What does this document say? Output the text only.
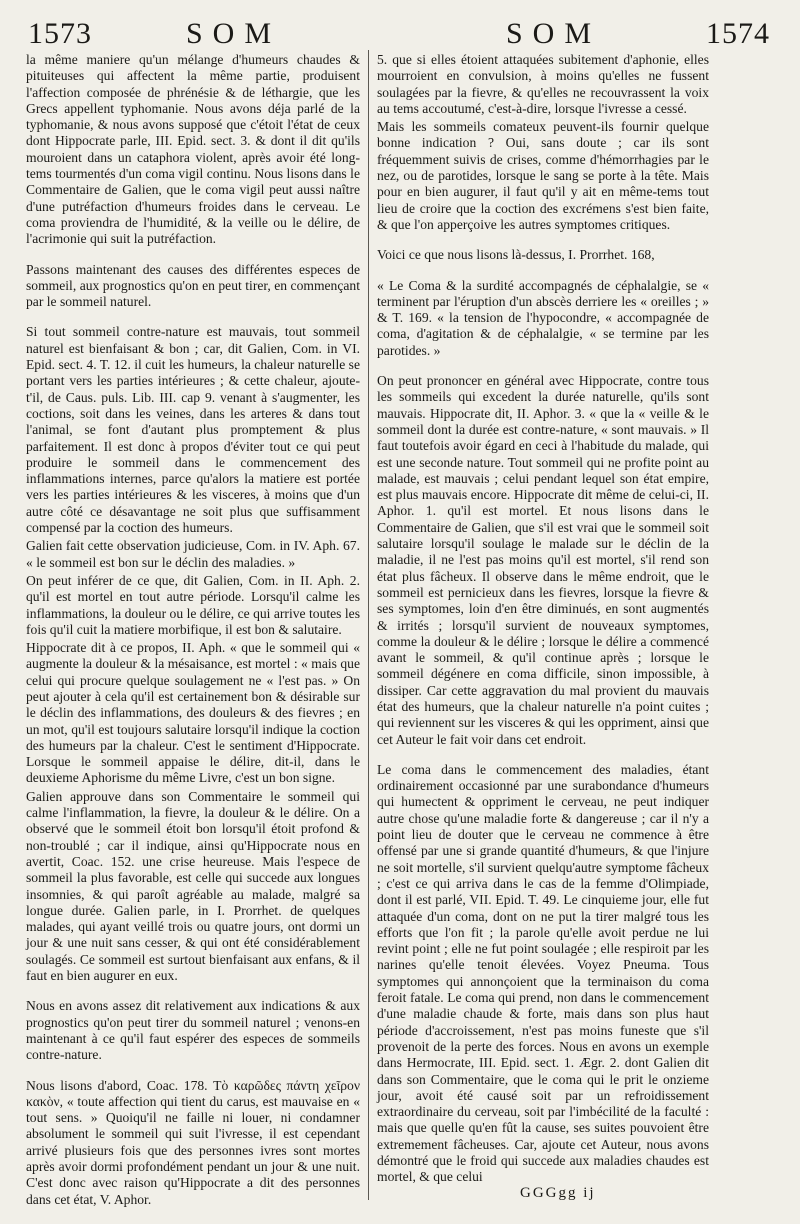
1573	SOM	SOM	1574

la même maniere qu'un mélange d'humeurs chaudes & pituiteuses qui affectent la même partie, produisent l'affection composée de phrénésie & de léthargie, que les Grecs appellent typhomanie. Nous avons déja parlé de la typhomanie, & nous avons supposé que c'étoit l'état de ceux dont Hippocrate parle, III. Epid. sect. 3. & dont il dit qu'ils mouroient dans un cataphora violent, après avoir été long-tems tourmentés d'un coma vigil continu. Nous lisons dans le Commentaire de Galien, que le coma vigil peut aussi naître d'une putréfaction d'humeurs froides dans le cerveau. Le coma proviendra de l'humidité, & la veille ou le délire, de l'acrimonie qui suit la putréfaction.

Passons maintenant des causes des différentes especes de sommeil, aux prognostics qu'on en peut tirer, en commençant par le sommeil naturel.

Si tout sommeil contre-nature est mauvais, tout sommeil naturel est bienfaisant & bon ; car, dit Galien, Com. in VI. Epid. sect. 4. T. 12. il cuit les humeurs, la chaleur naturelle se portant vers les parties intérieures ; & cette chaleur, ajoute-t'il, de Caus. puls. Lib. III. cap 9. venant à s'augmenter, les coctions, soit dans les veines, dans les arteres & dans tout l'animal, se font d'autant plus promptement & plus parfaitement. Il est donc à propos d'éviter tout ce qui peut produire le sommeil dans le commencement des inflammations internes, parce qu'alors la matiere est portée vers les parties intérieures & les visceres, à moins que d'un autre côté ce désavantage ne soit plus que suffisamment compensé par la coction des humeurs.

Galien fait cette observation judicieuse, Com. in IV. Aph. 67. « le sommeil est bon sur le déclin des maladies. »

On peut inférer de ce que, dit Galien, Com. in II. Aph. 2. qu'il est mortel en tout autre période. Lorsqu'il calme les inflammations, la douleur ou le délire, ce qui arrive toutes les fois qu'il cuit la matiere morbifique, il est bon & salutaire.

Hippocrate dit à ce propos, II. Aph. « que le sommeil qui « augmente la douleur & la mésaisance, est mortel : « mais que celui qui procure quelque soulagement ne « l'est pas. » On peut ajouter à cela qu'il est certainement bon & désirable sur le déclin des inflammations, des douleurs & des fievres ; en un mot, qu'il est toujours salutaire lorsqu'il indique la coction des humeurs par la chaleur. C'est le sentiment d'Hippocrate. Lorsque le sommeil appaise le délire, dit-il, dans le deuxieme Aphorisme du même Livre, c'est un bon signe.

Galien approuve dans son Commentaire le sommeil qui calme l'inflammation, la fievre, la douleur & le délire. On a observé que le sommeil étoit bon lorsqu'il étoit profond & non-troublé ; car il indique, ainsi qu'Hippocrate nous en avertit, Coac. 152. une crise heureuse. Mais l'espece de sommeil la plus favorable, est celle qui succede aux longues insomnies, & qui paroît agréable au malade, malgré sa longue durée. Galien parle, in I. Prorrhet. de quelques malades, qui ayant veillé trois ou quatre jours, ont dormi un jour & une nuit sans cesser, & qui ont été considérablement soulagés. Ce sommeil est surtout bienfaisant aux enfans, & il faut en bien augurer en eux.

Nous en avons assez dit relativement aux indications & aux prognostics qu'on peut tirer du sommeil naturel ; venons-en maintenant à ce qu'il faut espérer des especes de sommeils contre-nature.

Nous lisons d'abord, Coac. 178. Τὸ καρῶδες πάντη χεῖρον κακὸν, « toute affection qui tient du carus, est mauvaise en « tout sens. » Quoiqu'il ne faille ni louer, ni condamner absolument le sommeil qui suit l'ivresse, il est cependant arrivé plusieurs fois que des personnes ivres sont mortes après avoir dormi profondément pendant un jour & une nuit. C'est donc avec raison qu'Hippocrate a dit des personnes dans cet état, V. Aphor.

5. que si elles étoient attaquées subitement d'aphonie, elles mourroient en convulsion, à moins qu'elles ne fussent soulagées par la fievre, & qu'elles ne recouvrassent la voix au tems accoutumé, c'est-à-dire, lorsque l'ivresse a cessé.

Mais les sommeils comateux peuvent-ils fournir quelque bonne indication ? Oui, sans doute ; car ils sont fréquemment suivis de crises, comme d'hémorrhagies par le nez, ou de parotides, lorsque le sang se porte à la tête. Mais pour en bien augurer, il faut qu'il y ait en même-tems tout lieu de croire que la coction des excrémens s'est bien faite, & que l'on apperçoive les autres symptomes critiques.

Voici ce que nous lisons là-dessus, I. Prorrhet. 168,

« Le Coma & la surdité accompagnés de céphalalgie, se « terminent par l'éruption d'un abscès derriere les « oreilles ; » & T. 169. « la tension de l'hypocondre, « accompagnée de coma, d'agitation & de céphalalgie, « se termine par les parotides. »

On peut prononcer en général avec Hippocrate, contre tous les sommeils qui excedent la durée naturelle, qu'ils sont mauvais. Hippocrate dit, II. Aphor. 3. « que la « veille & le sommeil dont la durée est contre-nature, « sont mauvais. » Il faut toutefois avoir égard en ceci à l'habitude du malade, qui est une seconde nature. Tout sommeil qui ne profite point au malade, est mauvais ; celui pendant lequel son état empire, est plus mauvais encore. Hippocrate dit même de celui-ci, II. Aphor. 1. qu'il est mortel. Et nous lisons dans le Commentaire de Galien, que s'il est vrai que le sommeil soit salutaire lorsqu'il soulage le malade sur le déclin de la maladie, il ne l'est pas moins qu'il est mortel, s'il rend son état plus fâcheux. Il observe dans le même endroit, que le sommeil est pernicieux dans les fievres, lorsque la fievre & ses symptomes, loin d'en être diminués, en sont augmentés & irrités ; lorsqu'il survient de nouveaux symptomes, comme la douleur & le délire ; lorsque le délire a commencé avant le sommeil, & qu'il continue après ; lorsque le sommeil dégénere en coma difficile, sinon impossible, à dissiper. Car cette aggravation du mal provient du mauvais état des humeurs, que la chaleur naturelle n'a point cuites ; qui reviennent sur les visceres & qui les oppriment, ainsi que cet Auteur le fait voir dans cet endroit.

Le coma dans le commencement des maladies, étant ordinairement occasionné par une surabondance d'humeurs qui humectent & oppriment le cerveau, ne peut indiquer autre chose qu'une maladie forte & dangereuse ; car il n'y a point lieu de douter que le cerveau ne commence à être offensé par une si grande quantité d'humeurs, & que l'injure ne soit mortelle, s'il survient quelqu'autre symptome fâcheux ; c'est ce qui arriva dans le cas de la femme d'Olimpiade, dont il est parlé, VII. Epid. T. 49. Le cinquieme jour, elle fut attaquée d'un coma, dont on ne put la tirer malgré tous les efforts que l'on fit ; la parole qu'elle avoit perdue ne lui revint point ; elle ne fut point soulagée ; elle respiroit par les narines qu'elle tenoit élevées. Voyez Pneuma. Tous symptomes qui annonçoient que la terminaison du coma feroit fatale. Le coma qui prend, non dans le commencement d'une maladie chaude & forte, mais dans son plus haut période d'accroissement, n'est pas moins funeste que s'il provenoit de la perte des forces. Nous en avons un exemple dans Hermocrate, III. Epid. sect. 1. Ægr. 2. dont Galien dit dans son Commentaire, que le coma qui le prit le onzieme jour, avoit été causé soit par un refroidissement extraordinaire du cerveau, soit par l'imbécilité de la faculté : mais que quelle qu'en fût la cause, ses suites pouvoient être extremement fâcheuses. Car, ajoute cet Auteur, nous avons démontré que le froid qui succede aux maladies chaudes est mortel, & que celui

GGGgg ij
